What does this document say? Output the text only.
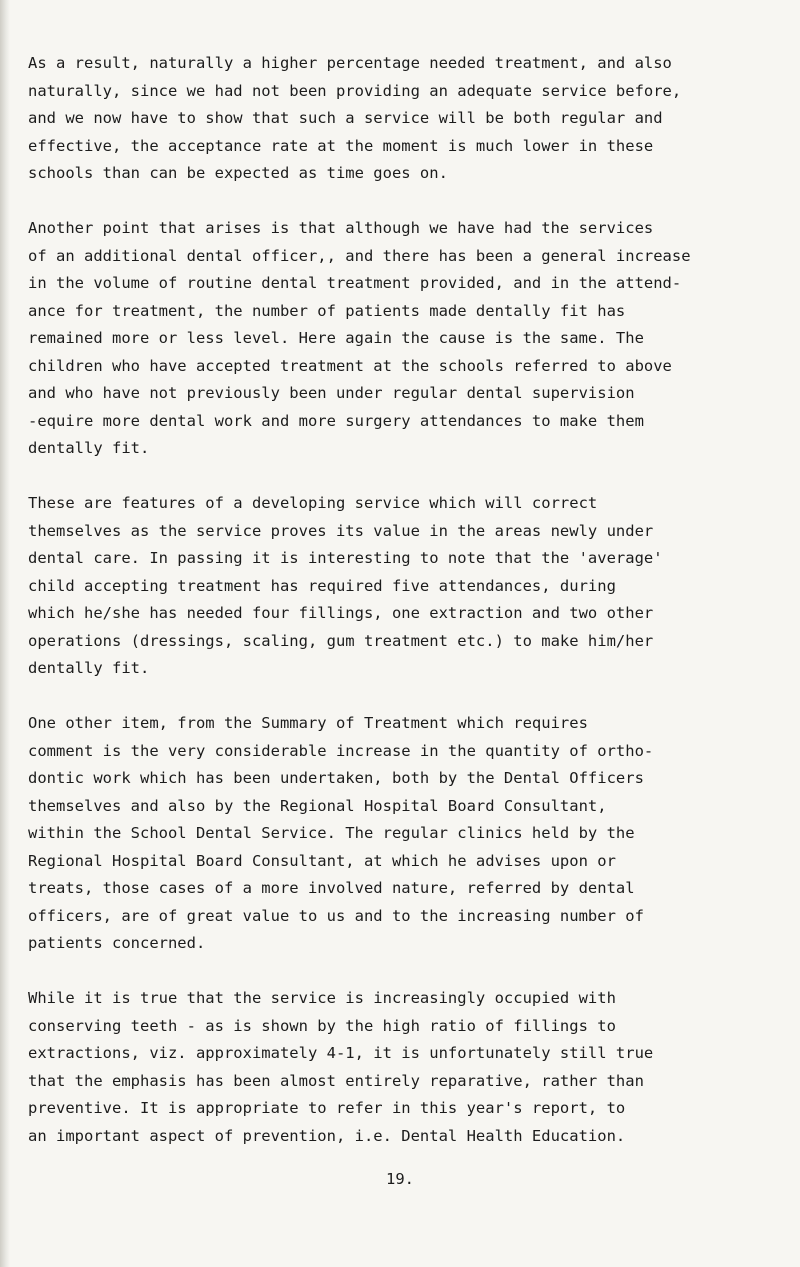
As a result, naturally a higher percentage needed treatment, and also
naturally, since we had not been providing an adequate service before,
and we now have to show that such a service will be both regular and
effective, the acceptance rate at the moment is much lower in these
schools than can be expected as time goes on.

Another point that arises is that although we have had the services
of an additional dental officer,, and there has been a general increase
in the volume of routine dental treatment provided, and in the attend-
ance for treatment, the number of patients made dentally fit has
remained more or less level. Here again the cause is the same. The
children who have accepted treatment at the schools referred to above
and who have not previously been under regular dental supervision
-equire more dental work and more surgery attendances to make them
dentally fit.

These are features of a developing service which will correct
themselves as the service proves its value in the areas newly under
dental care. In passing it is interesting to note that the 'average'
child accepting treatment has required five attendances, during
which he/she has needed four fillings, one extraction and two other
operations (dressings, scaling, gum treatment etc.) to make him/her
dentally fit.

One other item, from the Summary of Treatment which requires
comment is the very considerable increase in the quantity of ortho-
dontic work which has been undertaken, both by the Dental Officers
themselves and also by the Regional Hospital Board Consultant,
within the School Dental Service. The regular clinics held by the
Regional Hospital Board Consultant, at which he advises upon or
treats, those cases of a more involved nature, referred by dental
officers, are of great value to us and to the increasing number of
patients concerned.

While it is true that the service is increasingly occupied with
conserving teeth - as is shown by the high ratio of fillings to
extractions, viz. approximately 4-1, it is unfortunately still true
that the emphasis has been almost entirely reparative, rather than
preventive. It is appropriate to refer in this year's report, to
an important aspect of prevention, i.e. Dental Health Education.

19.
